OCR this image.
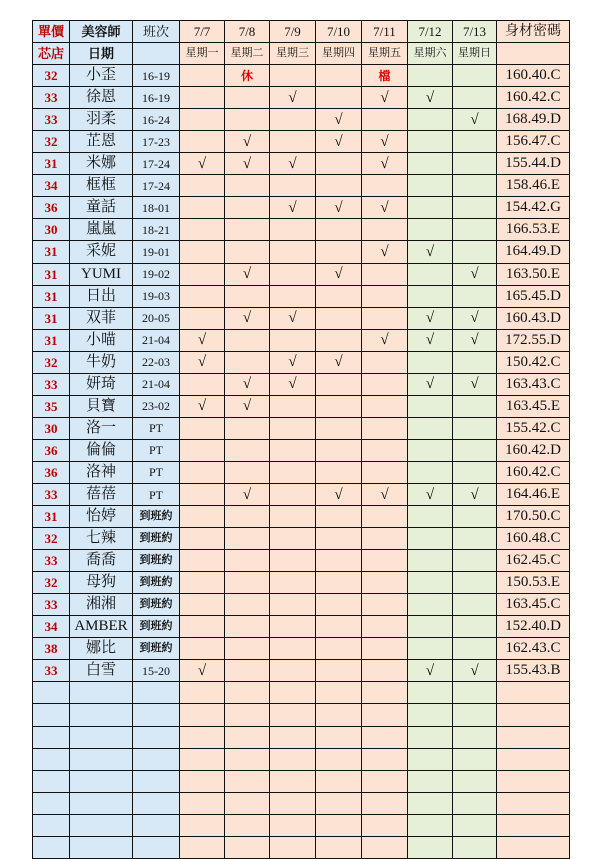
單價	美容師	班次	7/7	7/8	7/9	7/10	7/11	7/12	7/13	身材密碼
芯店	日期		星期一	星期二	星期三	星期四	星期五	星期六	星期日	
32	小歪	16-19		休			檔			160.40.C
33	徐恩	16-19			√		√	√		160.42.C
33	羽柔	16-24				√			√	168.49.D
32	芷恩	17-23		√		√	√			156.47.C
31	米娜	17-24	√	√	√		√			155.44.D
34	框框	17-24								158.46.E
36	童話	18-01			√	√	√			154.42.G
30	嵐嵐	18-21								166.53.E
31	采妮	19-01					√	√		164.49.D
31	YUMI	19-02		√		√			√	163.50.E
31	日出	19-03								165.45.D
31	双菲	20-05		√	√			√	√	160.43.D
31	小喵	21-04	√				√	√	√	172.55.D
32	牛奶	22-03	√		√	√				150.42.C
33	妍琦	21-04		√	√			√	√	163.43.C
35	貝寶	23-02	√	√						163.45.E
30	洛一	PT								155.42.C
36	倫倫	PT								160.42.D
36	洛神	PT								160.42.C
33	蓓蓓	PT		√		√	√	√	√	164.46.E
31	怡婷	到班約								170.50.C
32	七辣	到班約								160.48.C
33	喬喬	到班約								162.45.C
32	母狗	到班約								150.53.E
33	湘湘	到班約								163.45.C
34	AMBER	到班約								152.40.D
38	娜比	到班約								162.43.C
33	白雪	15-20	√					√	√	155.43.B
